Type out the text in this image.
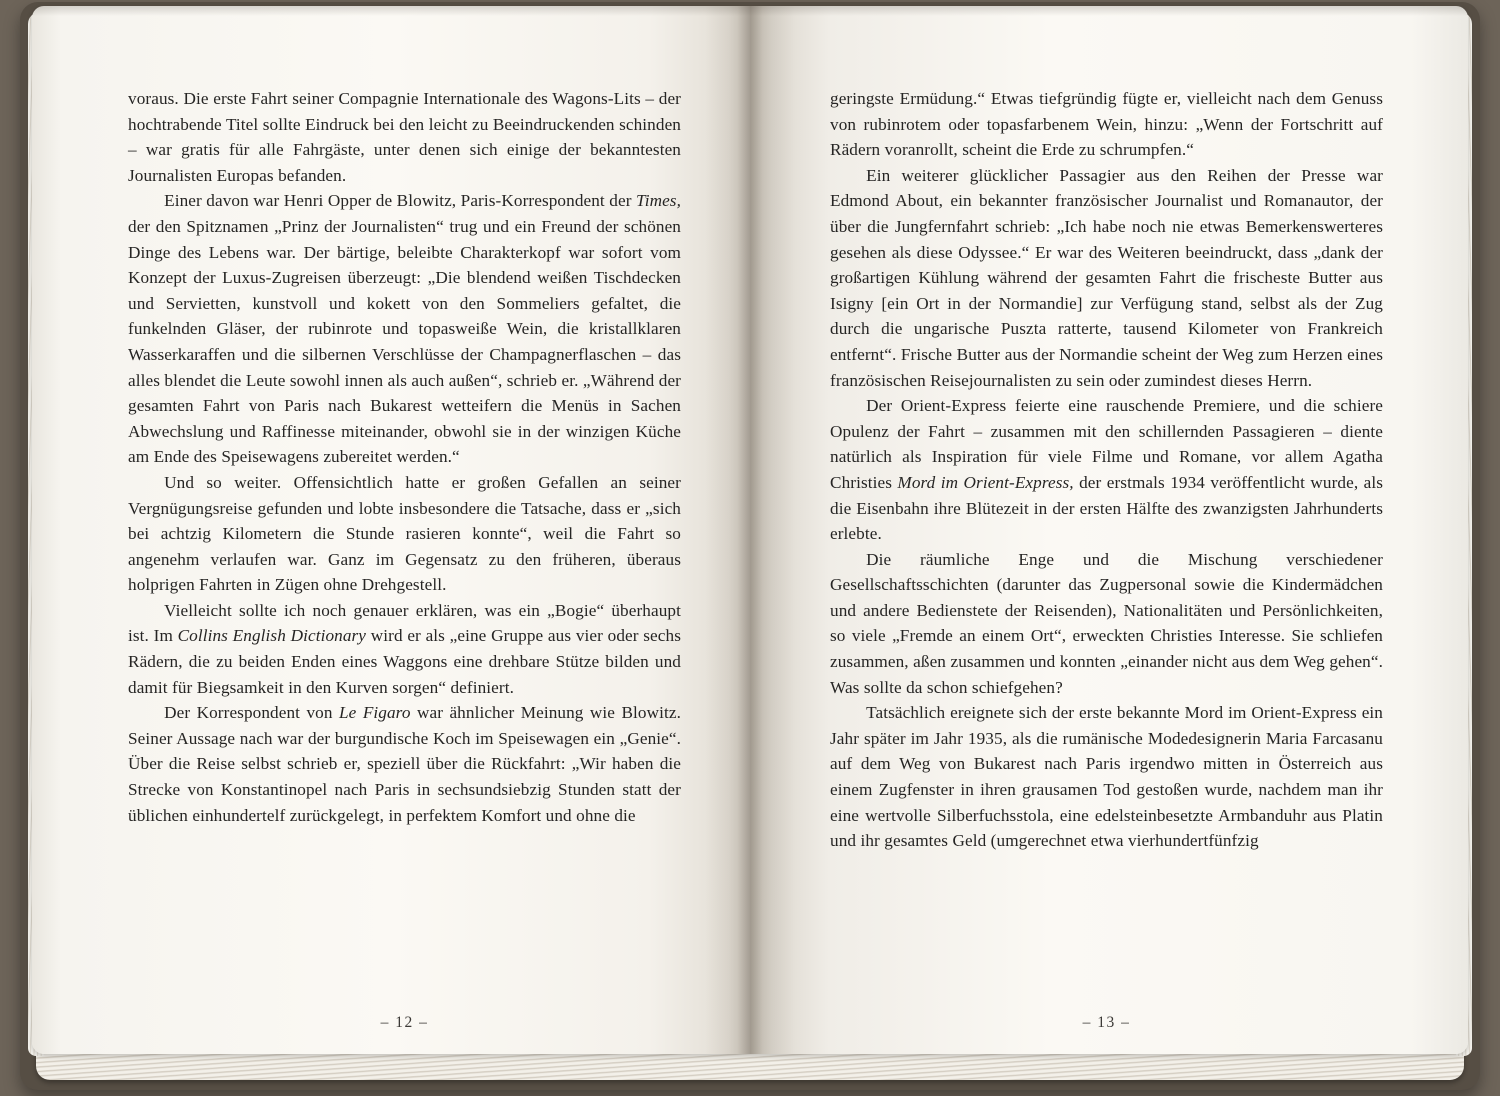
voraus. Die erste Fahrt seiner Compagnie Internationale des Wagons-Lits – der hochtrabende Titel sollte Eindruck bei den leicht zu Beeindruckenden schinden – war gratis für alle Fahrgäste, unter denen sich einige der bekanntesten Journalisten Europas befanden.

Einer davon war Henri Opper de Blowitz, Paris-Korrespondent der Times, der den Spitznamen „Prinz der Journalisten“ trug und ein Freund der schönen Dinge des Lebens war. Der bärtige, beleibte Charakterkopf war sofort vom Konzept der Luxus-Zugreisen überzeugt: „Die blendend weißen Tischdecken und Servietten, kunstvoll und kokett von den Sommeliers gefaltet, die funkelnden Gläser, der rubinrote und topasweiße Wein, die kristallklaren Wasserkaraffen und die silbernen Verschlüsse der Champagnerflaschen – das alles blendet die Leute sowohl innen als auch außen“, schrieb er. „Während der gesamten Fahrt von Paris nach Bukarest wetteifern die Menüs in Sachen Abwechslung und Raffinesse miteinander, obwohl sie in der winzigen Küche am Ende des Speisewagens zubereitet werden.“

Und so weiter. Offensichtlich hatte er großen Gefallen an seiner Vergnügungsreise gefunden und lobte insbesondere die Tatsache, dass er „sich bei achtzig Kilometern die Stunde rasieren konnte“, weil die Fahrt so angenehm verlaufen war. Ganz im Gegensatz zu den früheren, überaus holprigen Fahrten in Zügen ohne Drehgestell.

Vielleicht sollte ich noch genauer erklären, was ein „Bogie“ überhaupt ist. Im Collins English Dictionary wird er als „eine Gruppe aus vier oder sechs Rädern, die zu beiden Enden eines Waggons eine drehbare Stütze bilden und damit für Biegsamkeit in den Kurven sorgen“ definiert.

Der Korrespondent von Le Figaro war ähnlicher Meinung wie Blowitz. Seiner Aussage nach war der burgundische Koch im Speisewagen ein „Genie“. Über die Reise selbst schrieb er, speziell über die Rückfahrt: „Wir haben die Strecke von Konstantinopel nach Paris in sechsundsiebzig Stunden statt der üblichen einhundertelf zurückgelegt, in perfektem Komfort und ohne die

– 12 –

geringste Ermüdung.“ Etwas tiefgründig fügte er, vielleicht nach dem Genuss von rubinrotem oder topasfarbenem Wein, hinzu: „Wenn der Fortschritt auf Rädern voranrollt, scheint die Erde zu schrumpfen.“

Ein weiterer glücklicher Passagier aus den Reihen der Presse war Edmond About, ein bekannter französischer Journalist und Romanautor, der über die Jungfernfahrt schrieb: „Ich habe noch nie etwas Bemerkenswerteres gesehen als diese Odyssee.“ Er war des Weiteren beeindruckt, dass „dank der großartigen Kühlung während der gesamten Fahrt die frischeste Butter aus Isigny [ein Ort in der Normandie] zur Verfügung stand, selbst als der Zug durch die ungarische Puszta ratterte, tausend Kilometer von Frankreich entfernt“. Frische Butter aus der Normandie scheint der Weg zum Herzen eines französischen Reisejournalisten zu sein oder zumindest dieses Herrn.

Der Orient-Express feierte eine rauschende Premiere, und die schiere Opulenz der Fahrt – zusammen mit den schillernden Passagieren – diente natürlich als Inspiration für viele Filme und Romane, vor allem Agatha Christies Mord im Orient-Express, der erstmals 1934 veröffentlicht wurde, als die Eisenbahn ihre Blütezeit in der ersten Hälfte des zwanzigsten Jahrhunderts erlebte.

Die räumliche Enge und die Mischung verschiedener Gesellschaftsschichten (darunter das Zugpersonal sowie die Kindermädchen und andere Bedienstete der Reisenden), Nationalitäten und Persönlichkeiten, so viele „Fremde an einem Ort“, erweckten Christies Interesse. Sie schliefen zusammen, aßen zusammen und konnten „einander nicht aus dem Weg gehen“. Was sollte da schon schiefgehen?

Tatsächlich ereignete sich der erste bekannte Mord im Orient-Express ein Jahr später im Jahr 1935, als die rumänische Modedesignerin Maria Farcasanu auf dem Weg von Bukarest nach Paris irgendwo mitten in Österreich aus einem Zugfenster in ihren grausamen Tod gestoßen wurde, nachdem man ihr eine wertvolle Silberfuchsstola, eine edelsteinbesetzte Armbanduhr aus Platin und ihr gesamtes Geld (umgerechnet etwa vierhundertfünfzig

– 13 –
